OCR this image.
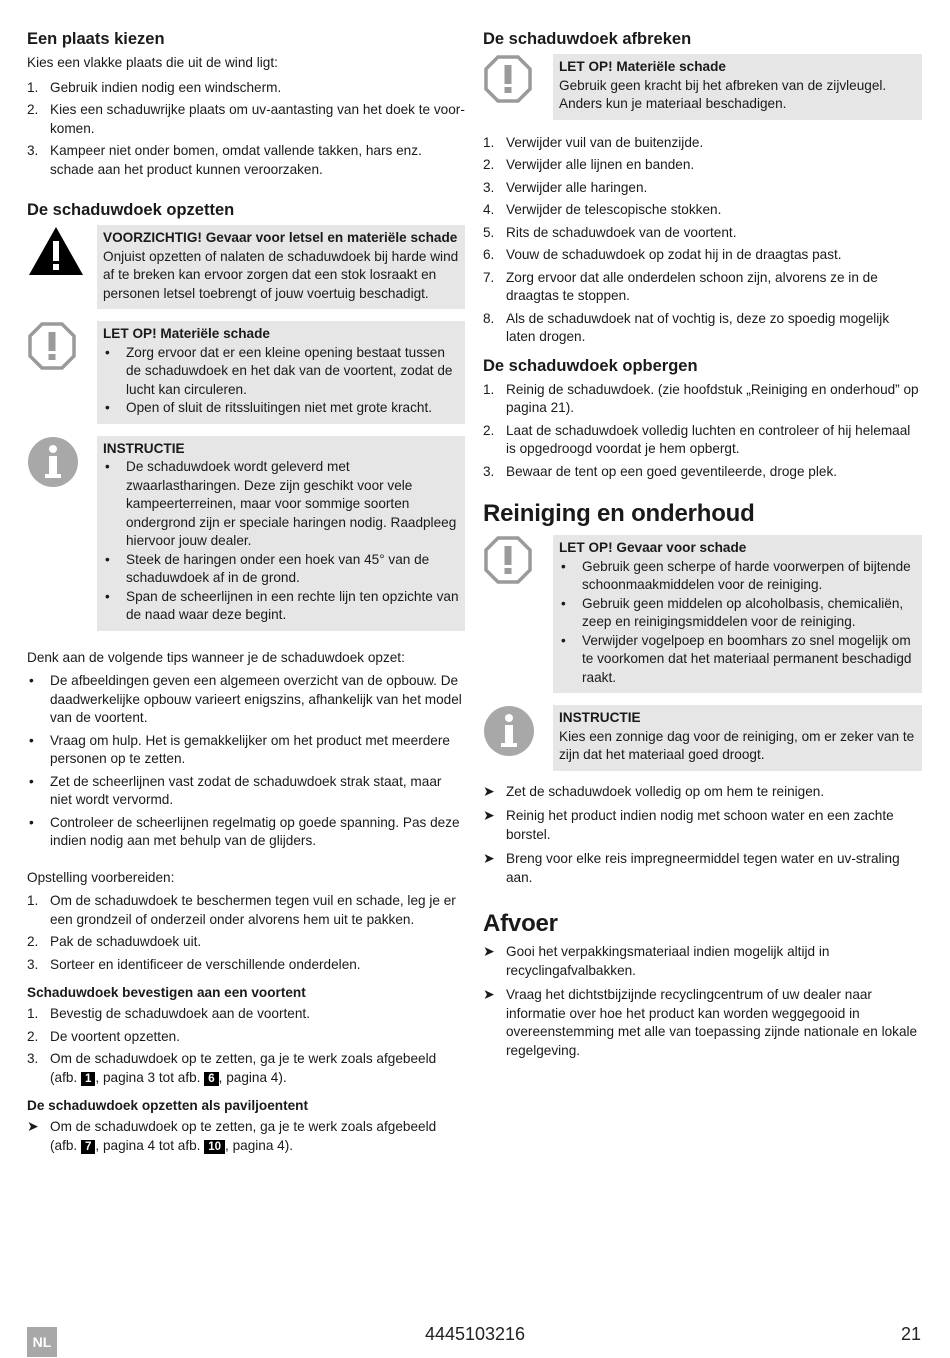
Een plaats kiezen

Kies een vlakke plaats die uit de wind ligt:

1. Gebruik indien nodig een windscherm.
2. Kies een schaduwrijke plaats om uv-aantasting van het doek te voor-komen.
3. Kampeer niet onder bomen, omdat vallende takken, hars enz. schade aan het product kunnen veroorzaken.
De schaduwdoek opzetten
VOORZICHTIG! Gevaar voor letsel en materiële schade
Onjuist opzetten of nalaten de schaduwdoek bij harde wind af te breken kan ervoor zorgen dat een stok losraakt en personen letsel toebrengt of jouw voertuig beschadigt.
LET OP! Materiële schade
• Zorg ervoor dat er een kleine opening bestaat tussen de schaduwdoek en het dak van de voortent, zodat de lucht kan circuleren.
• Open of sluit de ritssluitingen niet met grote kracht.
INSTRUCTIE
• De schaduwdoek wordt geleverd met zwaarlastharingen. Deze zijn geschikt voor vele kampeerterreinen, maar voor sommige soorten ondergrond zijn er speciale haringen nodig. Raadpleeg hiervoor jouw dealer.
• Steek de haringen onder een hoek van 45° van de schaduwdoek af in de grond.
• Span de scheerlijnen in een rechte lijn ten opzichte van de naad waar deze begint.

Denk aan de volgende tips wanneer je de schaduwdoek opzet:

• De afbeeldingen geven een algemeen overzicht van de opbouw. De daadwerkelijke opbouw varieert enigszins, afhankelijk van het model van de voortent.
• Vraag om hulp. Het is gemakkelijker om het product met meerdere personen op te zetten.
• Zet de scheerlijnen vast zodat de schaduwdoek strak staat, maar niet wordt vervormd.
• Controleer de scheerlijnen regelmatig op goede spanning. Pas deze indien nodig aan met behulp van de glijders.

Opstelling voorbereiden:

1. Om de schaduwdoek te beschermen tegen vuil en schade, leg je er een grondzeil of onderzeil onder alvorens hem uit te pakken.
2. Pak de schaduwdoek uit.
3. Sorteer en identificeer de verschillende onderdelen.
Schaduwdoek bevestigen aan een voortent
1. Bevestig de schaduwdoek aan de voortent.
2. De voortent opzetten.
3. Om de schaduwdoek op te zetten, ga je te werk zoals afgebeeld (afb. 1 , pagina 3 tot afb. 6 , pagina 4).
De schaduwdoek opzetten als paviljoentent
➤ Om de schaduwdoek op te zetten, ga je te werk zoals afgebeeld (afb. 7 , pagina 4 tot afb. 10 , pagina 4).
De schaduwdoek afbreken
LET OP! Materiële schade
Gebruik geen kracht bij het afbreken van de zijvleugel. Anders kun je materiaal beschadigen.
1. Verwijder vuil van de buitenzijde.
2. Verwijder alle lijnen en banden.
3. Verwijder alle haringen.
4. Verwijder de telescopische stokken.
5. Rits de schaduwdoek van de voortent.
6. Vouw de schaduwdoek op zodat hij in de draagtas past.
7. Zorg ervoor dat alle onderdelen schoon zijn, alvorens ze in de draagtas te stoppen.
8. Als de schaduwdoek nat of vochtig is, deze zo spoedig mogelijk laten drogen.
De schaduwdoek opbergen
1. Reinig de schaduwdoek. (zie hoofdstuk „Reiniging en onderhoud” op pagina 21).
2. Laat de schaduwdoek volledig luchten en controleer of hij helemaal is opgedroogd voordat je hem opbergt.
3. Bewaar de tent op een goed geventileerde, droge plek.
Reiniging en onderhoud
LET OP! Gevaar voor schade
• Gebruik geen scherpe of harde voorwerpen of bijtende schoonmaakmiddelen voor de reiniging.
• Gebruik geen middelen op alcoholbasis, chemicaliën, zeep en reinigingsmiddelen voor de reiniging.
• Verwijder vogelpoep en boomhars zo snel mogelijk om te voorkomen dat het materiaal permanent beschadigd raakt.
INSTRUCTIE
Kies een zonnige dag voor de reiniging, om er zeker van te zijn dat het materiaal goed droogt.
➤ Zet de schaduwdoek volledig op om hem te reinigen.
➤ Reinig het product indien nodig met schoon water en een zachte borstel.
➤ Breng voor elke reis impregneermiddel tegen water en uv-straling aan.
Afvoer
➤ Gooi het verpakkingsmateriaal indien mogelijk altijd in recyclingafvalbakken.
➤ Vraag het dichtstbijzijnde recyclingcentrum of uw dealer naar informatie over hoe het product kan worden weggegooid in overeenstemming met alle van toepassing zijnde nationale en lokale regelgeving.
NL	4445103216	21
